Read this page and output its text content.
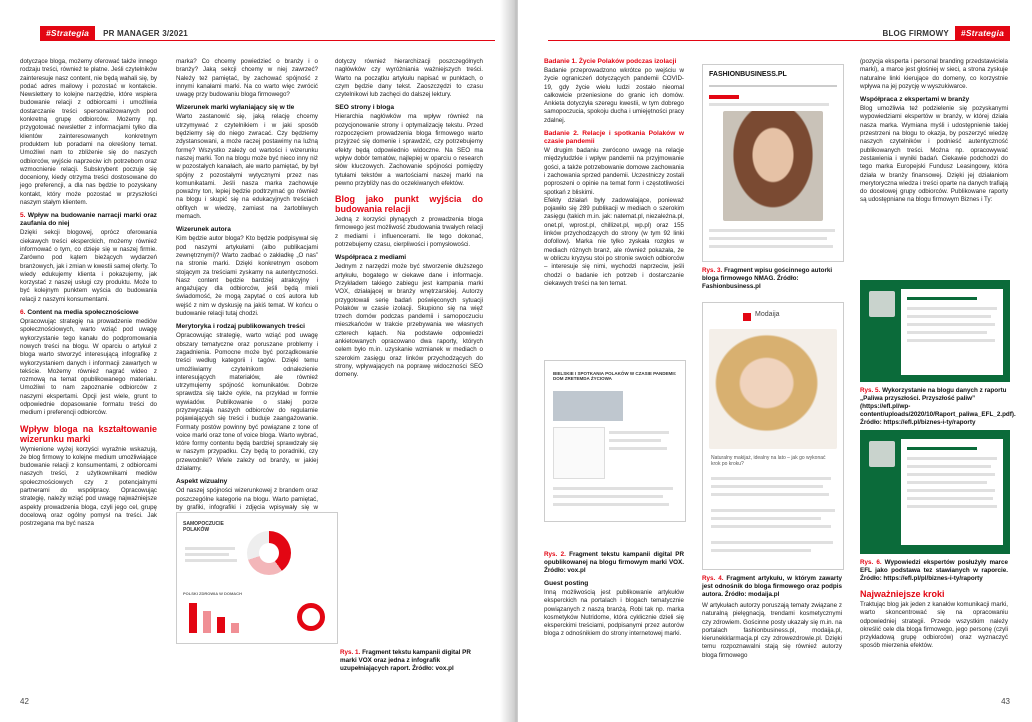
#Strategia	PR MANAGER 3/2021

dotyczące bloga, możemy oferować także innego rodzaju treści, również te płatne. Jeśli czytelników zainteresuje nasz content, nie będą wahali się, by podać adres mailowy i pozostać w kontakcie. Newslettery to kolejne narzędzie, które wspiera budowanie relacji z odbiorcami i umożliwia dostarczanie treści spersonalizowanych pod konkretną grupę odbiorców. Możemy np. przygotować newsletter z informacjami tylko dla klientów zainteresowanych konkretnym produktem lub poradami na określony temat. Umożliwi nam to zbliżenie się do naszych odbiorców, wyjście naprzeciw ich potrzebom oraz wzmocnienie relacji. Subskrybent poczuje się doceniony, kiedy otrzyma treści dostosowane do jego preferencji, a dla nas będzie to pozyskany kontakt, który może pozostać w przyszłości naszym stałym klientem.

5. Wpływ na budowanie narracji marki oraz zaufania do niej

Dzięki sekcji blogowej, oprócz oferowania ciekawych treści eksperckich, możemy również informować o tym, co dzieje się w naszej firmie. Zarówno pod kątem bieżących wydarzeń branżowych, jak i zmian w kwestii samej oferty. To wiedy edukujemy klienta i pokazujemy, jak korzystać z naszej usługi czy produktu. Może to być kolejnym punktem wyścia do budowania relacji z naszymi konsumentami.

6. Content na media społecznościowe

Opracowując strategię na prowadzenie mediów społecznościowych, warto wziąć pod uwagę wykorzystanie tego kanału do podpromowania nowych treści na blogu. W oparciu o artykuł z bloga warto stworzyć interesującą infografikę z wykorzystaniem danych i informacji zawartych w tekście. Możemy również nagrać wideo z rozmową na temat opublikowanego materiału. Umożliwi to nam zapoznanie odbiorców z naszymi ekspertami. Opcji jest wiele, grunt to odpowiednie dopasowanie formatu treści do medium i preferencji odbiorców.

Wpływ bloga na kształtowanie wizerunku marki

Wymienione wyżej korzyści wyraźnie wskazują, że blog firmowy to kolejne medium umożliwiające budowanie relacji z konsumentami, z odbiorcami naszych treści, z użytkownikami mediów społecznościowych czy z potencjalnymi partnerami do współpracy. Opracowując strategię, należy wziąć pod uwagę najważniejsze aspekty prowadzenia bloga, czyli jego cel, grupę docelową oraz ogólny pomysł na treści. Jak postrzegana ma być nasza

marka? Co chcemy powiedzieć o branży i o branży? Jaką sekcji chcemy w niej zawrzeć? Należy też pamiętać, by zachować spójność z innymi kanałami marki. Na co warto więc zwrócić uwagę przy budowaniu bloga firmowego?

Wizerunek marki wyłaniający się w tle

Warto zastanowić się, jaką relację chcemy utrzymywać z czytelnikiem i w jaki sposób będziemy się do niego zwracać. Czy będziemy zdystansowani, a może raczej postawimy na luźną formę? Wszystko zależy od wartości i wizerunku naszej marki. Ton na blogu może być nieco inny niż w pozostałych kanałach, ale warto pamiętać, by był spójny z pozostałymi wytycznymi przez nas komunikatami. Jeśli nasza marka zachowuje poważny ton, lepiej będzie podtrzymać go również na blogu i skupić się na edukacyjnych treściach obfitych w wiedzę, zamiast na żartobliwych memach.

Wizerunek autora

Kim będzie autor bloga? Kto będzie podpisywał się pod naszymi artykułami (albo publikacjami zewnętrznymi)? Warto zadbać o zakładkę „O nas” na stronie marki. Dzięki konkretnym osobom stojącym za treściami zyskamy na autentyczności. Nasz content będzie bardziej atrakcyjny i angażujący dla odbiorców, jeśli będą mieli świadomość, że mogą zapytać o coś autora lub wejść z nim w dyskusję na jakiś temat. W końcu o budowanie relacji tutaj chodzi.

Merytoryka i rodzaj publikowanych treści

Opracowując strategię, warto wziąć pod uwagę obszary tematyczne oraz poruszane problemy i zagadnienia. Pomocne może być porządkowanie treści według kategorii i tagów. Dzięki temu umożliwiamy czytelnikom odnalezienie interesujących materiałów, ale również utrzymujemy spójność komunikatów. Dobrze sprawdza się także cykle, na przykład w formie wywiadów. Publikowanie o stałej porze przyzwyczaja naszych odbiorców do regularnie pojawiających się treści i buduje zaangażowanie. Formaty postów powinny być powiązane z tone of voice marki oraz tone of voice bloga. Warto wybrać, które formy contentu będą bardziej sprawdzały się w naszym przypadku. Czy będą to poradniki, czy przewodniki? Wiele zależy od branży, w jakiej działamy.

Aspekt wizualny

Od naszej spójności wizerunkowej z brandem oraz poszczególne kategorie na blogu. Warto pamiętać, by grafiki, infografiki i zdjęcia wpisywały się w

dotyczy również hierarchizacji poszczególnych nagłówków czy wyróżniania ważniejszych treści. Warto na początku artykułu napisać w punktach, o czym będzie dany tekst. Zaoszczędzi to czasu czytelnikowi lub zachęci do dalszej lektury.

SEO strony i bloga

Hierarchia nagłówków ma wpływ również na pozycjonowanie strony i optymalizację tekstu. Przed rozpoczęciem prowadzenia bloga firmowego warto przyjrzeć się domenie i sprawdzić, czy potrzebujemy efekty będą odpowiednio widoczne. Na SEO ma wpływ dobór tematów, najlepiej w oparciu o research słów kluczowych. Zachowanie spójności pomiędzy tytułami tekstów a wartościami naszej marki na pewno przybliży nas do oczekiwanych efektów.

Blog jako punkt wyjścia do budowania relacji

Jedną z korzyści płynących z prowadzenia bloga firmowego jest możliwość zbudowania trwałych relacji z mediami i influencerami. Ile tego dokonać, potrzebujemy czasu, cierpliwości i pomysłowości.

Współpraca z mediami

Jednym z narzędzi może być stworzenie dłuższego artykułu, bogatego w ciekawe dane i informacje. Przykładem takiego zabiegu jest kampania marki VOX, działającej w branży wnętrzarskiej. Autorzy przygotowali serię badań poświęconych sytuacji Polaków w czasie izolacji. Skupiono się na więź trzech domów podczas pandemii i samopoczuciu mieszkańców w trakcie przebywania we własnych czterech kątach. Na podstawie odpowiedzi ankietowanych opracowano dwa raporty, których celem było m.in. uzyskanie wzmianek w mediach o szerokim zasięgu oraz linków przychodzących do strony, wpływających na poprawę widoczności SEO domeny.

SAMOPOCZUCIE POLAKÓW
POLSKI ZDROWIA W DOMACH
Rys. 1. Fragment tekstu kampanii digital PR marki VOX oraz jedna z infografik uzupełniających raport. Źródło: vox.pl
42
BLOG FIRMOWY	#Strategia
Badanie 1. Życie Polaków podczas izolacji

Badanie przeprowadzono wkrótce po wejściu w życie ograniczeń dotyczących pandemii COVID-19, gdy życie wielu ludzi zostało nieomal całkowicie przeniesione do granic ich domów. Ankieta dotyczyła szeregu kwestii, w tym dobrego samopoczucia, spokoju ducha i umiejętności pracy zdalnej.

Badanie 2. Relacje i spotkania Polaków w czasie pandemii

W drugim badaniu zwrócono uwagę na relacje międzyludzkie i wpływ pandemii na przyjmowanie gości, a także potrzebowanie domowe zachowania i zachowania sprzed pandemii. Uczestniczy zostali poproszeni o opinie na temat form i częstotliwości spotkań z bliskimi.

Efekty działań były zadowalające, ponieważ pojawiło się 289 publikacji w mediach o szerokim zasięgu (takich m.in. jak: natemat.pl, niezależna.pl, onet.pl, wprost.pl, chillizet.pl, wp.pl) oraz 155 linków przychodzących do strony (w tym 92 linki dofollow). Marka nie tylko zyskała rozgłos w mediach różnych branż, ale również pokazała, że w obliczu kryzysu stoi po stronie swoich odbiorców – interesuje się nimi, wychodzi naprzeciw, jeśli chodzi o badanie ich potrzeb i dostarczanie ciekawych treści na ten temat.

BIELSKIE I SPOTKANIA POLAKÓW W CZASIE PANDEMII: DOM ZRETEMDA ŻYCIOWA
Rys. 2. Fragment tekstu kampanii digital PR opublikowanej na blogu firmowym marki VOX. Źródło: vox.pl
Guest posting

Inną możliwością jest publikowanie artykułów eksperckich na portalach i blogach tematycznie powiązanych z naszą branżą. Robi tak np. marka kosmetyków Nutridome, która cyklicznie dzieli się eksperckimi treściami, podpisanymi przez autorów bloga z odnośnikiem do strony internetowej marki.

FASHIONBUSINESS.PL
Rys. 3. Fragment wpisu gościnnego autorki bloga firmowego NMAG. Źródło: Fashionbusiness.pl
Modaija
Naturalny makijaż, idealny na lato – jak go wykonać krok po kroku?
Rys. 4. Fragment artykułu, w którym zawarty jest odnośnik do bloga firmowego oraz podpis autora. Źródło: modaija.pl

W artykułach autorzy poruszają tematy związane z naturalną pielęgnacją, trendami kosmetycznymi czy zdrowiem. Gościnne posty ukazały się m.in. na portalach fashionbusiness.pl, modaija.pl, kierunekklarmacja.pl czy zdrowezdrowie.pl. Dzięki temu rozpoznawalni stają się również autorzy bloga firmowego

(pozycja eksperta i personal branding przedstawiciela marki), a marce jest głośniej w sieci, a strona zyskuje naturalne linki kierujące do domeny, co korzystnie wpływa na jej pozycję w wyszukiwarce.

Współpraca z ekspertami w branży

Blog umożliwia też podzielenie się pozyskanymi wypowiedziami ekspertów w branży, w której działa nasza marka. Wymiana myśli i udostępnienie takiej przestrzeni na blogu to okazja, by poszerzyć wiedzę naszych czytelników i podnieść autentyczność publikowanych treści. Można np. opracowywać zestawienia i wyniki badań. Ciekawie podchodzi do tego marka Europejski Fundusz Leasingowy, która działa w branży finansowej. Dzięki jej działaniom merytoryczna wiedza i treści oparte na danych trafiają do docelowej grupy odbiorców. Publikowane raporty są udostępniane na blogu firmowym Biznes i Ty:

Rys. 5. Wykorzystanie na blogu danych z raportu „Paliwa przyszłości. Przyszłość paliw” (https://efl.pl/wp-content/uploads/2020/10/Raport_paliwa_EFL_2.pdf). Źródło: https://efl.pl/biznes-i-ty/raporty
Rys. 6. Wypowiedzi ekspertów posłużyły marce EFL jako podstawa tez stawianych w raporcie. Źródło: https://efl.pl/pl/biznes-i-ty/raporty
Najważniejsze kroki

Traktując blog jak jeden z kanałów komunikacji marki, warto skoncentrować się na opracowaniu odpowiedniej strategii. Przede wszystkim należy określić cele dla bloga firmowego, jego personę (czyli przykładową grupę odbiorców) oraz wyznaczyć sposób mierzenia efektów.

43
